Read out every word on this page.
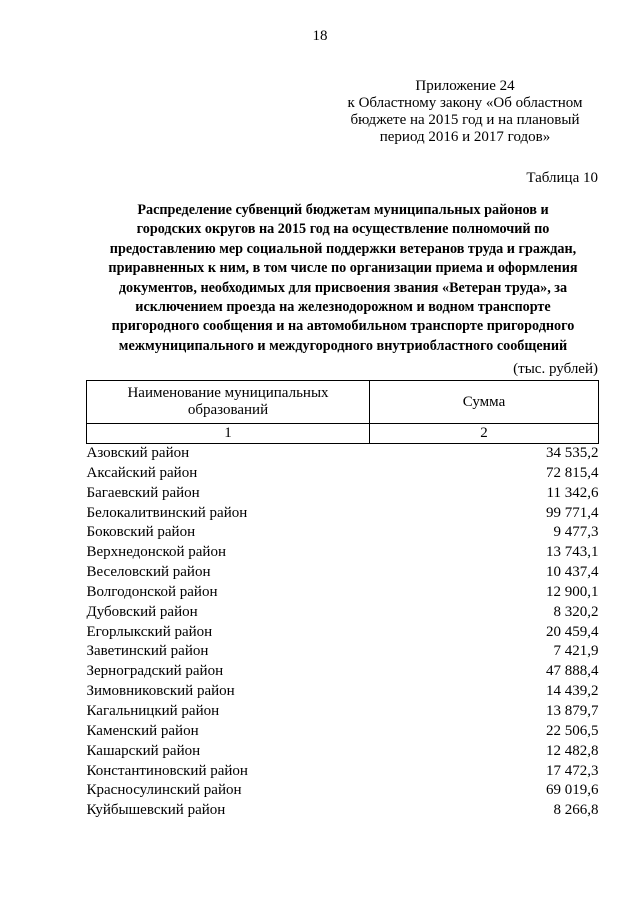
18
Приложение 24
к Областному закону «Об областном
бюджете на 2015 год и на плановый
период 2016 и 2017 годов»
Таблица 10
Распределение субвенций бюджетам муниципальных районов и
городских округов на 2015 год на осуществление полномочий по
предоставлению мер социальной поддержки ветеранов труда и граждан,
приравненных к ним, в том числе по организации приема и оформления
документов, необходимых для присвоения звания «Ветеран труда», за
исключением проезда на железнодорожном и водном транспорте
пригородного сообщения и на автомобильном транспорте пригородного
межмуниципального и междугородного внутриобластного сообщений
(тыс. рублей)
Наименование муниципальных
образований	Сумма
1	2
Азовский район	34 535,2
Аксайский район	72 815,4
Багаевский район	11 342,6
Белокалитвинский район	99 771,4
Боковский район	9 477,3
Верхнедонской район	13 743,1
Веселовский район	10 437,4
Волгодонской район	12 900,1
Дубовский район	8 320,2
Егорлыкский район	20 459,4
Заветинский район	7 421,9
Зерноградский район	47 888,4
Зимовниковский район	14 439,2
Кагальницкий район	13 879,7
Каменский район	22 506,5
Кашарский район	12 482,8
Константиновский район	17 472,3
Красносулинский район	69 019,6
Куйбышевский район	8 266,8
